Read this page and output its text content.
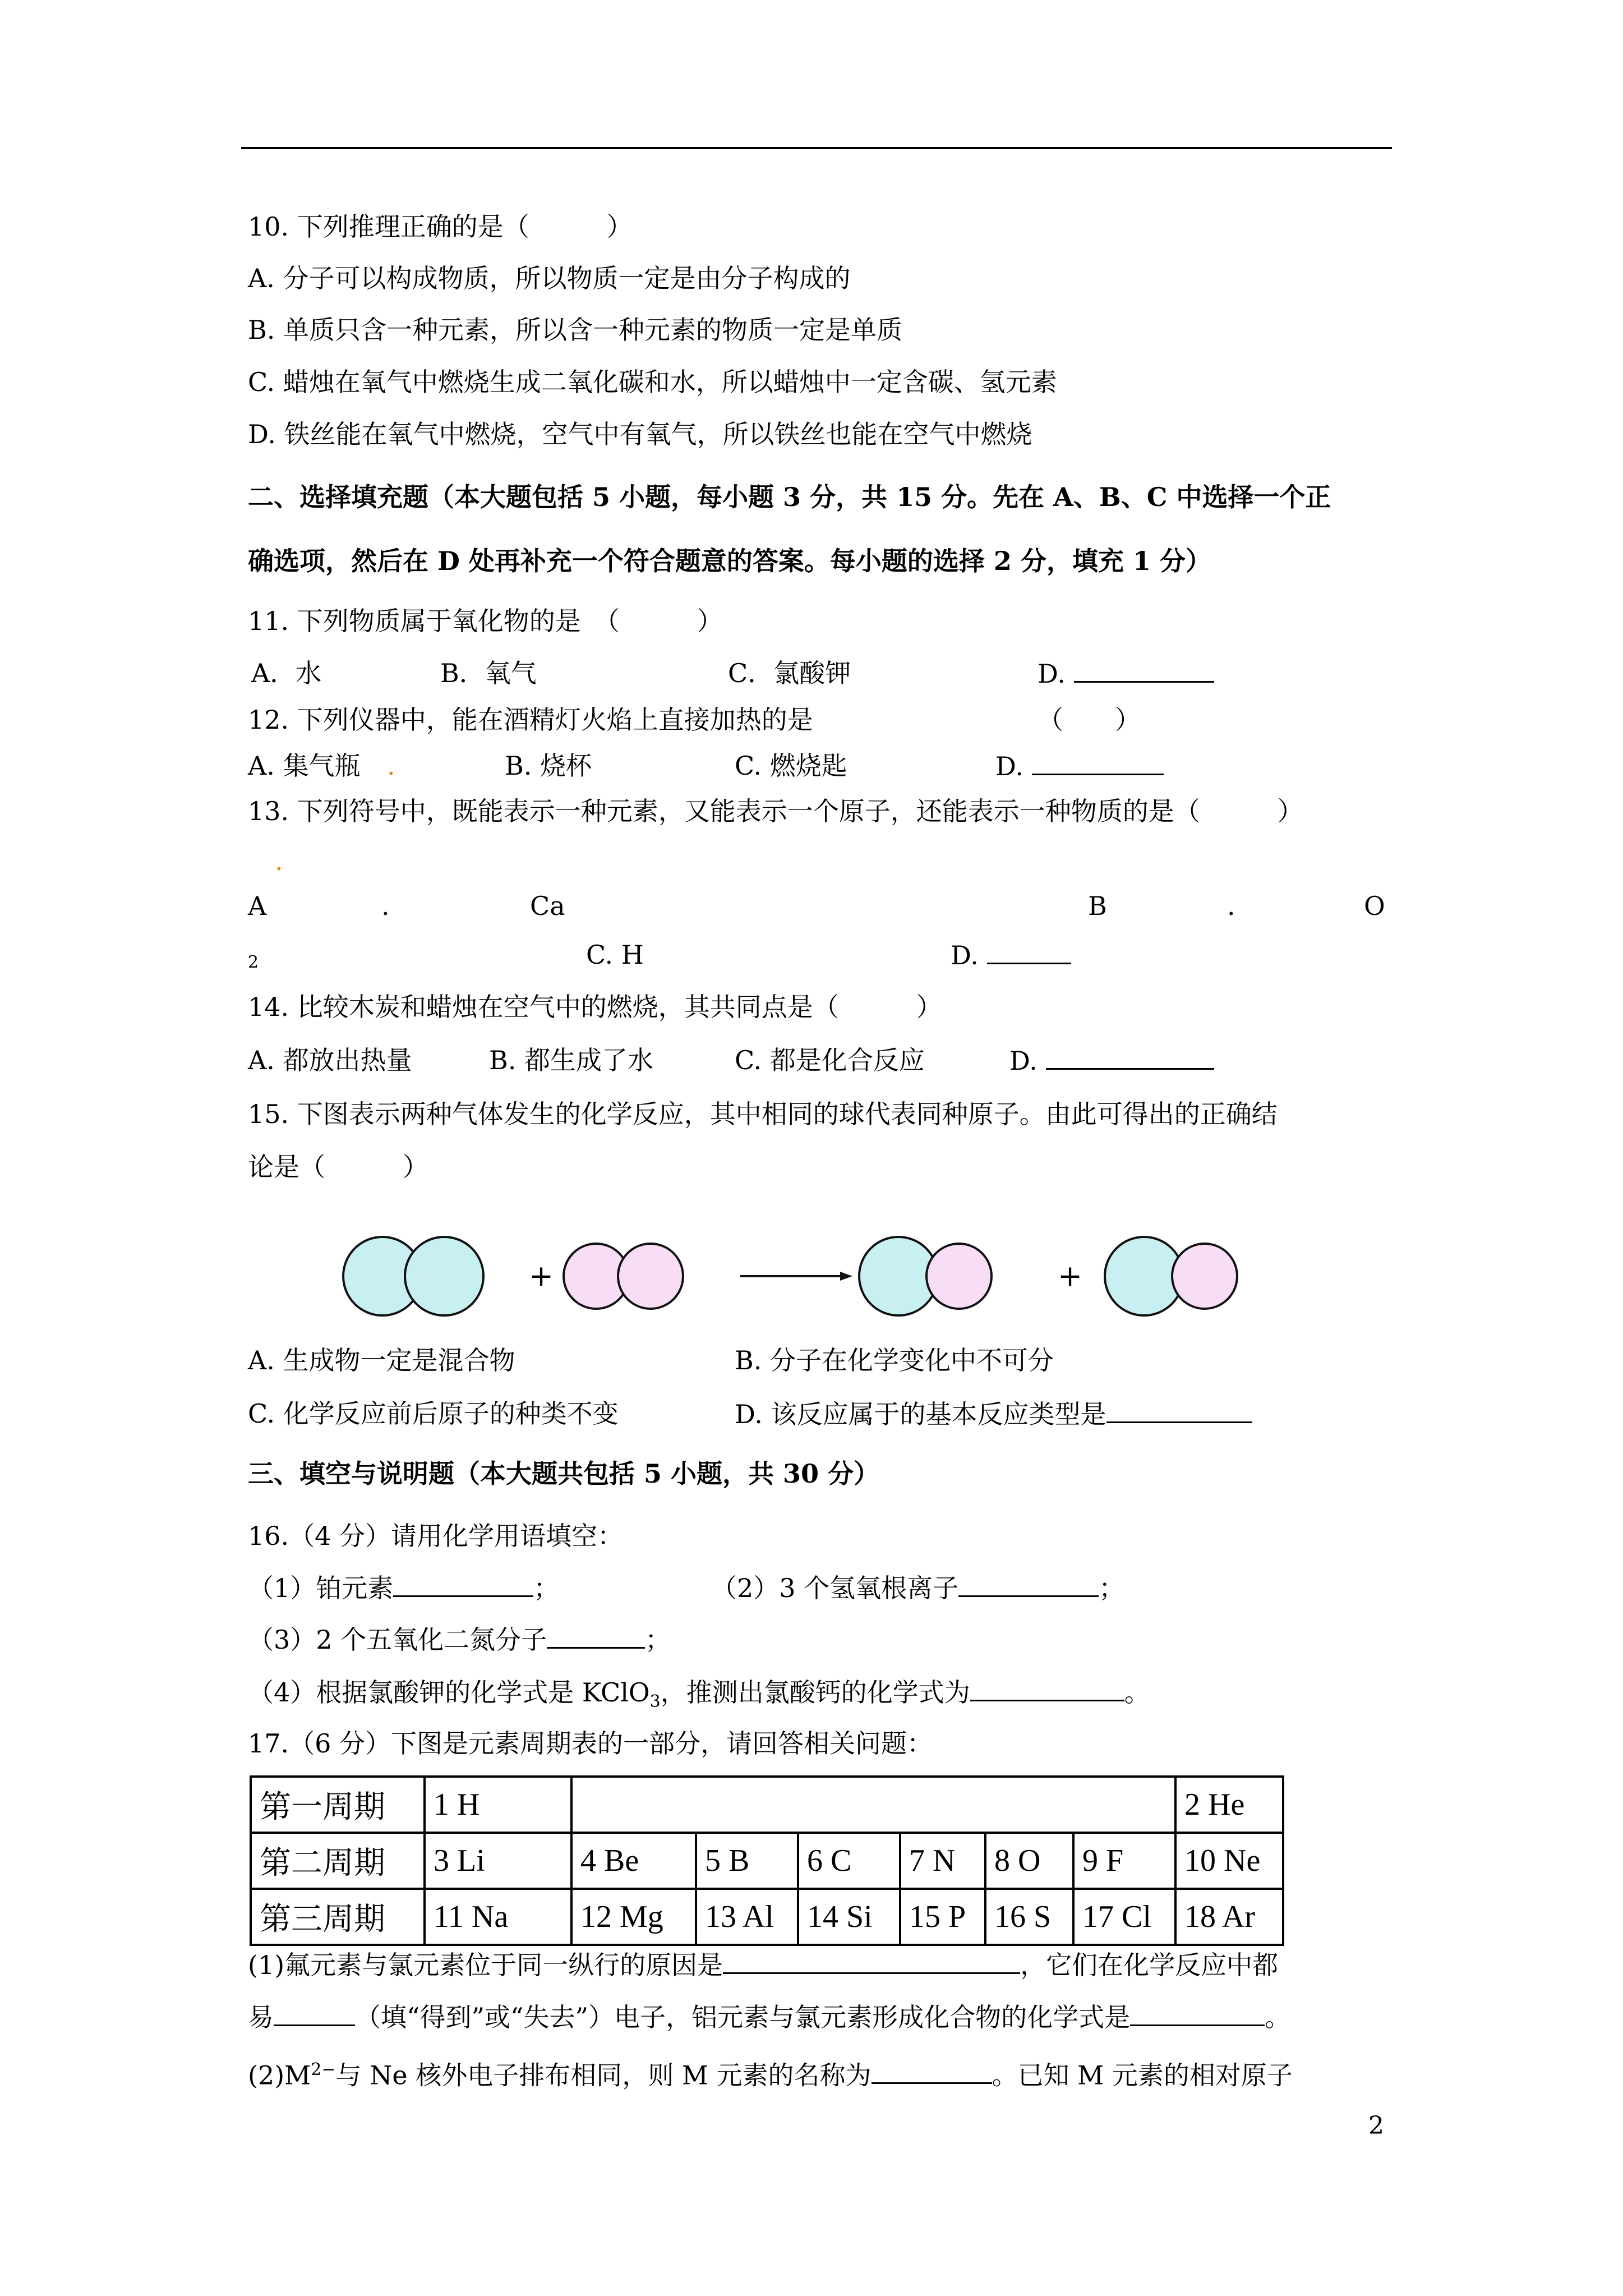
10. 下列推理正确的是（　　　）
A. 分子可以构成物质，所以物质一定是由分子构成的
B. 单质只含一种元素，所以含一种元素的物质一定是单质
C. 蜡烛在氧气中燃烧生成二氧化碳和水，所以蜡烛中一定含碳、氢元素
D. 铁丝能在氧气中燃烧，空气中有氧气，所以铁丝也能在空气中燃烧
二、选择填充题（本大题包括 5 小题，每小题 3 分，共 15 分。先在 A、B、C 中选择一个正
确选项，然后在 D 处再补充一个符合题意的答案。每小题的选择 2 分，填充 1 分）
11. 下列物质属于氧化物的是　（　　　）
A．水	B．氧气	C．氯酸钾	D.
12. 下列仪器中，能在酒精灯火焰上直接加热的是	（　　）
A. 集气瓶 .	B. 烧杯	C. 燃烧匙	D.
13. 下列符号中，既能表示一种元素，又能表示一个原子，还能表示一种物质的是（　　　）
.
A	.	Ca	B	.	O
2	C. H	D.
14. 比较木炭和蜡烛在空气中的燃烧，其共同点是（　　　）
A. 都放出热量	B. 都生成了水	C. 都是化合反应	D.
15. 下图表示两种气体发生的化学反应，其中相同的球代表同种原子。由此可得出的正确结
论是（　　　）
+	+
A. 生成物一定是混合物	B. 分子在化学变化中不可分
C. 化学反应前后原子的种类不变	D. 该反应属于的基本反应类型是
三、填空与说明题（本大题共包括 5 小题，共 30 分）
16.（4 分）请用化学用语填空：
（1）铂元素	；	（2）3 个氢氧根离子	；
（3）2 个五氧化二氮分子	；
（4）根据氯酸钾的化学式是 KClO$_3$，推测出氯酸钙的化学式为	。
17.（6 分）下图是元素周期表的一部分，请回答相关问题：
第一周期	1 H							2 He
第二周期	3 Li	4 Be	5 B	6 C	7 N	8 O	9 F	10 Ne
第三周期	11 Na	12 Mg	13 Al	14 Si	15 P	16 S	17 Cl	18 Ar
(1)氟元素与氯元素位于同一纵行的原因是	，它们在化学反应中都
易	（填“得到”或“失去”）电子，铝元素与氯元素形成化合物的化学式是	。
$(2)M^{2-}$与 Ne 核外电子排布相同，则 M 元素的名称为	。已知 M 元素的相对原子
2
